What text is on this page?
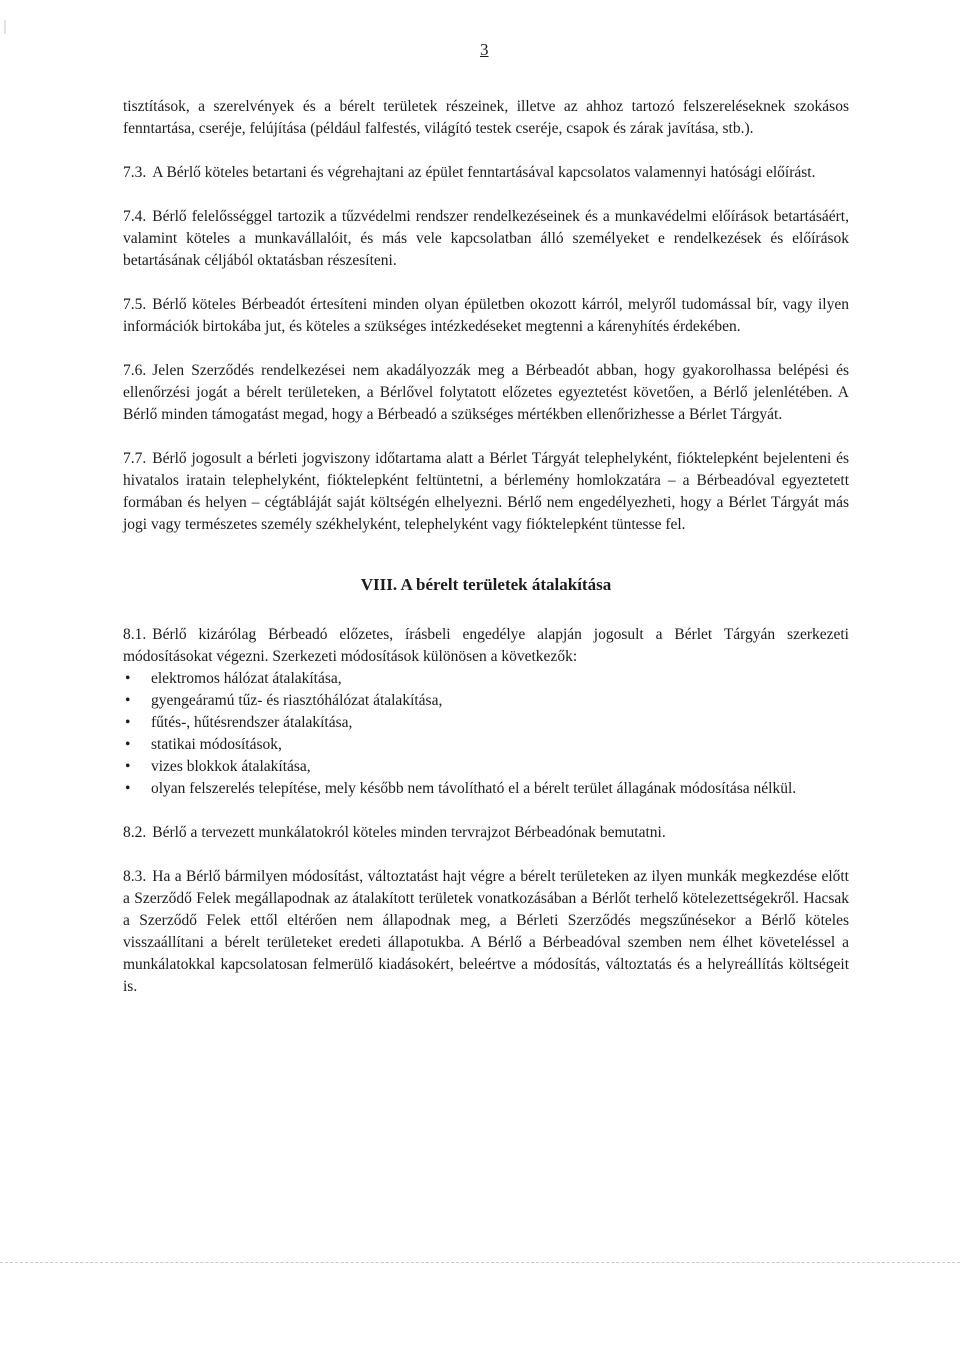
3

tisztítások, a szerelvények és a bérelt területek részeinek, illetve az ahhoz tartozó felszereléseknek szokásos fenntartása, cseréje, felújítása (például falfestés, világító testek cseréje, csapok és zárak javítása, stb.).

7.3. A Bérlő köteles betartani és végrehajtani az épület fenntartásával kapcsolatos valamennyi hatósági előírást.

7.4. Bérlő felelősséggel tartozik a tűzvédelmi rendszer rendelkezéseinek és a munkavédelmi előírások betartásáért, valamint köteles a munkavállalóit, és más vele kapcsolatban álló személyeket e rendelkezések és előírások betartásának céljából oktatásban részesíteni.

7.5. Bérlő köteles Bérbeadót értesíteni minden olyan épületben okozott kárról, melyről tudomással bír, vagy ilyen információk birtokába jut, és köteles a szükséges intézkedéseket megtenni a kárenyhítés érdekében.

7.6. Jelen Szerződés rendelkezései nem akadályozzák meg a Bérbeadót abban, hogy gyakorolhassa belépési és ellenőrzési jogát a bérelt területeken, a Bérlővel folytatott előzetes egyeztetést követően, a Bérlő jelenlétében. A Bérlő minden támogatást megad, hogy a Bérbeadó a szükséges mértékben ellenőrizhesse a Bérlet Tárgyát.

7.7. Bérlő jogosult a bérleti jogviszony időtartama alatt a Bérlet Tárgyát telephelyként, fióktelepként bejelenteni és hivatalos iratain telephelyként, fióktelepként feltüntetni, a bérlemény homlokzatára – a Bérbeadóval egyeztetett formában és helyen – cégtábláját saját költségén elhelyezni. Bérlő nem engedélyezheti, hogy a Bérlet Tárgyát más jogi vagy természetes személy székhelyként, telephelyként vagy fióktelepként tüntesse fel.

VIII. A bérelt területek átalakítása

8.1. Bérlő kizárólag Bérbeadó előzetes, írásbeli engedélye alapján jogosult a Bérlet Tárgyán szerkezeti módosításokat végezni. Szerkezeti módosítások különösen a következők:

• elektromos hálózat átalakítása,
• gyengeáramú tűz- és riasztóhálózat átalakítása,
• fűtés-, hűtésrendszer átalakítása,
• statikai módosítások,
• vizes blokkok átalakítása,
• olyan felszerelés telepítése, mely később nem távolítható el a bérelt terület állagának módosítása nélkül.

8.2. Bérlő a tervezett munkálatokról köteles minden tervrajzot Bérbeadónak bemutatni.

8.3. Ha a Bérlő bármilyen módosítást, változtatást hajt végre a bérelt területeken az ilyen munkák megkezdése előtt a Szerződő Felek megállapodnak az átalakított területek vonatkozásában a Bérlőt terhelő kötelezettségekről. Hacsak a Szerződő Felek ettől eltérően nem állapodnak meg, a Bérleti Szerződés megszűnésekor a Bérlő köteles visszaállítani a bérelt területeket eredeti állapotukba. A Bérlő a Bérbeadóval szemben nem élhet követeléssel a munkálatokkal kapcsolatosan felmerülő kiadásokért, beleértve a módosítás, változtatás és a helyreállítás költségeit is.
